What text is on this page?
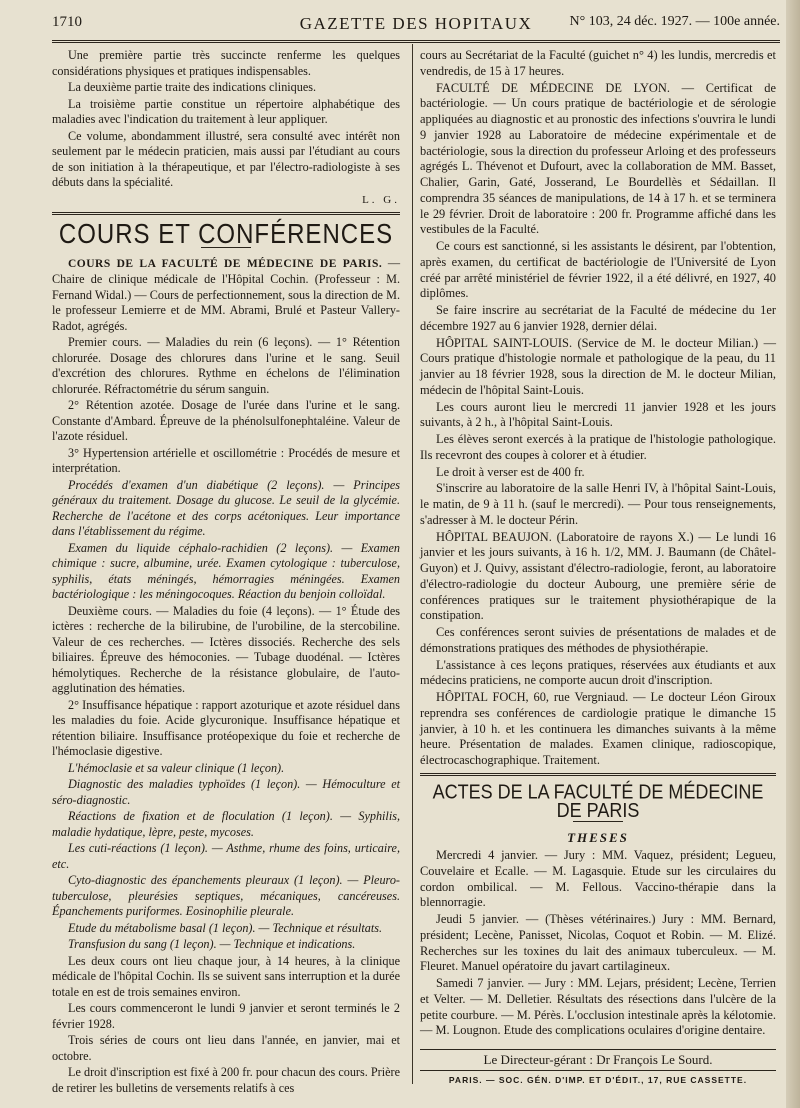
1710	GAZETTE DES HOPITAUX	N° 103, 24 déc. 1927. — 100e année.

Une première partie très succincte renferme les quelques considérations physiques et pratiques indispensables.

La deuxième partie traite des indications cliniques.

La troisième partie constitue un répertoire alphabétique des maladies avec l'indication du traitement à leur appliquer.

Ce volume, abondamment illustré, sera consulté avec intérêt non seulement par le médecin praticien, mais aussi par l'étudiant au cours de son initiation à la thérapeutique, et par l'électro-radiologiste à ses débuts dans la spécialité.

L. G.
COURS ET CONFÉRENCES

COURS DE LA FACULTÉ DE MÉDECINE DE PARIS. — Chaire de clinique médicale de l'Hôpital Cochin. (Professeur : M. Fernand Widal.) — Cours de perfectionnement, sous la direction de M. le professeur Lemierre et de MM. Abrami, Brulé et Pasteur Vallery-Radot, agrégés.

Premier cours. — Maladies du rein (6 leçons). — 1° Rétention chlorurée. Dosage des chlorures dans l'urine et le sang. Seuil d'excrétion des chlorures. Rythme en échelons de l'élimination chlorurée. Réfractométrie du sérum sanguin.

2° Rétention azotée. Dosage de l'urée dans l'urine et le sang. Constante d'Ambard. Épreuve de la phénolsulfonephtaléine. Valeur de l'azote résiduel.

3° Hypertension artérielle et oscillométrie : Procédés de mesure et interprétation.

Procédés d'examen d'un diabétique (2 leçons). — Principes généraux du traitement. Dosage du glucose. Le seuil de la glycémie. Recherche de l'acétone et des corps acétoniques. Leur importance dans l'établissement du régime.

Examen du liquide céphalo-rachidien (2 leçons). — Examen chimique : sucre, albumine, urée. Examen cytologique : tuberculose, syphilis, états méningés, hémorragies méningées. Examen bactériologique : les méningocoques. Réaction du benjoin colloïdal.

Deuxième cours. — Maladies du foie (4 leçons). — 1° Étude des ictères : recherche de la bilirubine, de l'urobiline, de la stercobiline. Valeur de ces recherches. — Ictères dissociés. Recherche des sels biliaires. Épreuve des hémoconies. — Tubage duodénal. — Ictères hémolytiques. Recherche de la résistance globulaire, de l'auto-agglutination des hématies.

2° Insuffisance hépatique : rapport azoturique et azote résiduel dans les maladies du foie. Acide glycuronique. Insuffisance hépatique et rétention biliaire. Insuffisance protéopexique du foie et recherche de l'hémoclasie digestive.

L'hémoclasie et sa valeur clinique (1 leçon).

Diagnostic des maladies typhoïdes (1 leçon). — Hémoculture et séro-diagnostic.

Réactions de fixation et de floculation (1 leçon). — Syphilis, maladie hydatique, lèpre, peste, mycoses.

Les cuti-réactions (1 leçon). — Asthme, rhume des foins, urticaire, etc.

Cyto-diagnostic des épanchements pleuraux (1 leçon). — Pleuro-tuberculose, pleurésies septiques, mécaniques, cancéreuses. Épanchements puriformes. Eosinophilie pleurale.

Etude du métabolisme basal (1 leçon). — Technique et résultats.

Transfusion du sang (1 leçon). — Technique et indications.

Les deux cours ont lieu chaque jour, à 14 heures, à la clinique médicale de l'hôpital Cochin. Ils se suivent sans interruption et la durée totale en est de trois semaines environ.

Les cours commenceront le lundi 9 janvier et seront terminés le 2 février 1928.

Trois séries de cours ont lieu dans l'année, en janvier, mai et octobre.

Le droit d'inscription est fixé à 200 fr. pour chacun des cours. Prière de retirer les bulletins de versements relatifs à ces

cours au Secrétariat de la Faculté (guichet n° 4) les lundis, mercredis et vendredis, de 15 à 17 heures.

FACULTÉ DE MÉDECINE DE LYON. — Certificat de bactériologie. — Un cours pratique de bactériologie et de sérologie appliquées au diagnostic et au pronostic des infections s'ouvrira le lundi 9 janvier 1928 au Laboratoire de médecine expérimentale et de bactériologie, sous la direction du professeur Arloing et des professeurs agrégés L. Thévenot et Dufourt, avec la collaboration de MM. Basset, Chalier, Garin, Gaté, Josserand, Le Bourdellès et Sédaillan. Il comprendra 35 séances de manipulations, de 14 à 17 h. et se terminera le 29 février. Droit de laboratoire : 200 fr. Programme affiché dans les vestibules de la Faculté.

Ce cours est sanctionné, si les assistants le désirent, par l'obtention, après examen, du certificat de bactériologie de l'Université de Lyon créé par arrêté ministériel de février 1922, il a été délivré, en 1927, 40 diplômes.

Se faire inscrire au secrétariat de la Faculté de médecine du 1er décembre 1927 au 6 janvier 1928, dernier délai.

HÔPITAL SAINT-LOUIS. (Service de M. le docteur Milian.) — Cours pratique d'histologie normale et pathologique de la peau, du 11 janvier au 18 février 1928, sous la direction de M. le docteur Milian, médecin de l'hôpital Saint-Louis.

Les cours auront lieu le mercredi 11 janvier 1928 et les jours suivants, à 2 h., à l'hôpital Saint-Louis.

Les élèves seront exercés à la pratique de l'histologie pathologique. Ils recevront des coupes à colorer et à étudier.

Le droit à verser est de 400 fr.

S'inscrire au laboratoire de la salle Henri IV, à l'hôpital Saint-Louis, le matin, de 9 à 11 h. (sauf le mercredi). — Pour tous renseignements, s'adresser à M. le docteur Périn.

HÔPITAL BEAUJON. (Laboratoire de rayons X.) — Le lundi 16 janvier et les jours suivants, à 16 h. 1/2, MM. J. Baumann (de Châtel-Guyon) et J. Quivy, assistant d'électro-radiologie, feront, au laboratoire d'électro-radiologie du docteur Aubourg, une première série de conférences pratiques sur le traitement physiothérapique de la constipation.

Ces conférences seront suivies de présentations de malades et de démonstrations pratiques des méthodes de physiothérapie.

L'assistance à ces leçons pratiques, réservées aux étudiants et aux médecins praticiens, ne comporte aucun droit d'inscription.

HÔPITAL FOCH, 60, rue Vergniaud. — Le docteur Léon Giroux reprendra ses conférences de cardiologie pratique le dimanche 15 janvier, à 10 h. et les continuera les dimanches suivants à la même heure. Présentation de malades. Examen clinique, radioscopique, électrocaschographique. Traitement.

ACTES DE LA FACULTÉ DE MÉDECINE DE PARIS
THESES

Mercredi 4 janvier. — Jury : MM. Vaquez, président; Legueu, Couvelaire et Ecalle. — M. Lagasquie. Etude sur les circulaires du cordon ombilical. — M. Fellous. Vaccino-thérapie dans la blennorragie.

Jeudi 5 janvier. — (Thèses vétérinaires.) Jury : MM. Bernard, président; Lecène, Panisset, Nicolas, Coquot et Robin. — M. Elizé. Recherches sur les toxines du lait des animaux tuberculeux. — M. Fleuret. Manuel opératoire du javart cartilagineux.

Samedi 7 janvier. — Jury : MM. Lejars, président; Lecène, Terrien et Velter. — M. Delletier. Résultats des résections dans l'ulcère de la petite courbure. — M. Pérès. L'occlusion intestinale après la kélotomie. — M. Lougnon. Etude des complications oculaires d'origine dentaire.

Le Directeur-gérant : Dr François Le Sourd.
PARIS. — SOC. GÉN. D'IMP. ET D'ÉDIT., 17, RUE CASSETTE.
